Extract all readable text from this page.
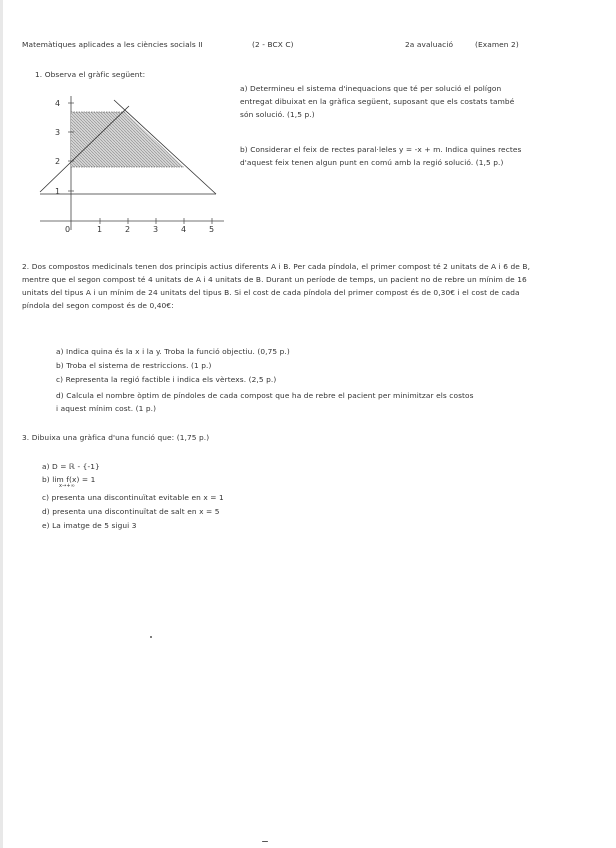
Matemàtiques aplicades a les ciències socials II	(2 - BCX C)	2a avaluació	(Examen 2)
1. Observa el gràfic següent:
4
3
2
1
1	2	3	4	5
0
a) Determineu el sistema d'inequacions que té per solució el polígon entregat dibuixat en la gràfica següent, suposant que els costats també són solució. (1,5 p.)
b) Considerar el feix de rectes paral·leles y = -x + m. Indica quines rectes d'aquest feix tenen algun punt en comú amb la regió solució. (1,5 p.)
2. Dos compostos medicinals tenen dos principis actius diferents A i B. Per cada píndola, el primer compost té 2 unitats de A i 6 de B, mentre que el segon compost té 4 unitats de A i 4 unitats de B. Durant un període de temps, un pacient no de rebre un mínim de 16 unitats del tipus A i un mínim de 24 unitats del tipus B. Si el cost de cada píndola del primer compost és de 0,30€ i el cost de cada píndola del segon compost és de 0,40€:
a) Indica quina és la x i la y. Troba la funció objectiu. (0,75 p.)
b) Troba el sistema de restriccions. (1 p.)
c) Representa la regió factible i indica els vèrtexs. (2,5 p.)
d) Calcula el nombre òptim de píndoles de cada compost que ha de rebre el pacient per minimitzar els costos i aquest mínim cost. (1 p.)
3. Dibuixa una gràfica d'una funció que: (1,75 p.)
a) D = ℝ - {-1}
b) lim f(x) = 1
x→+∞
c) presenta una discontinuïtat evitable en x = 1
d) presenta una discontinuïtat de salt en x = 5
e) La imatge de 5 sigui 3
